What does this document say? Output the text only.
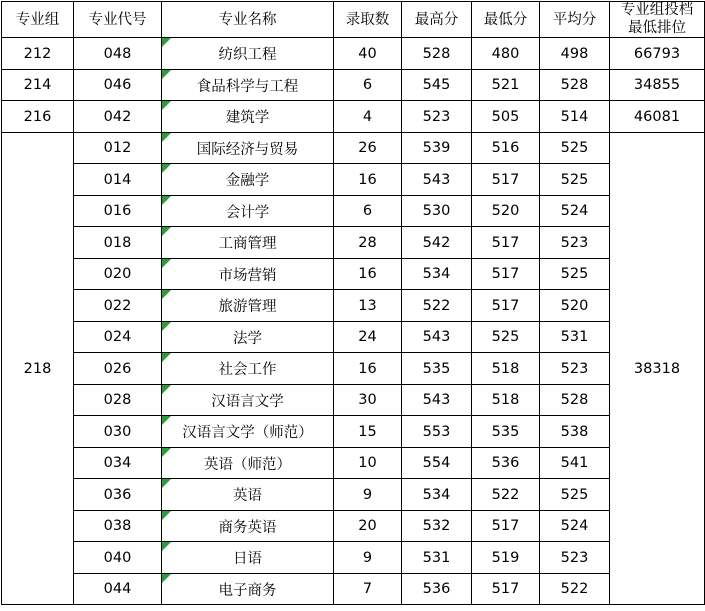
专业组	专业代号	专业名称	录取数	最高分	最低分	平均分	专业组投档
最低排位

212	048	纺织工程	40	528	480	498	66793
214	046	食品科学与工程	6	545	521	528	34855
216	042	建筑学	4	523	505	514	46081
218	012	国际经济与贸易	26	539	516	525	38318
	014	金融学	16	543	517	525	
	016	会计学	6	530	520	524	
	018	工商管理	28	542	517	523	
	020	市场营销	16	534	517	525	
	022	旅游管理	13	522	517	520	
	024	法学	24	543	525	531	
	026	社会工作	16	535	518	523	
	028	汉语言文学	30	543	518	528	
	030	汉语言文学（师范）	15	553	535	538	
	034	英语（师范）	10	554	536	541	
	036	英语	9	534	522	525	
	038	商务英语	20	532	517	524	
	040	日语	9	531	519	523	
	044	电子商务	7	536	517	522	
